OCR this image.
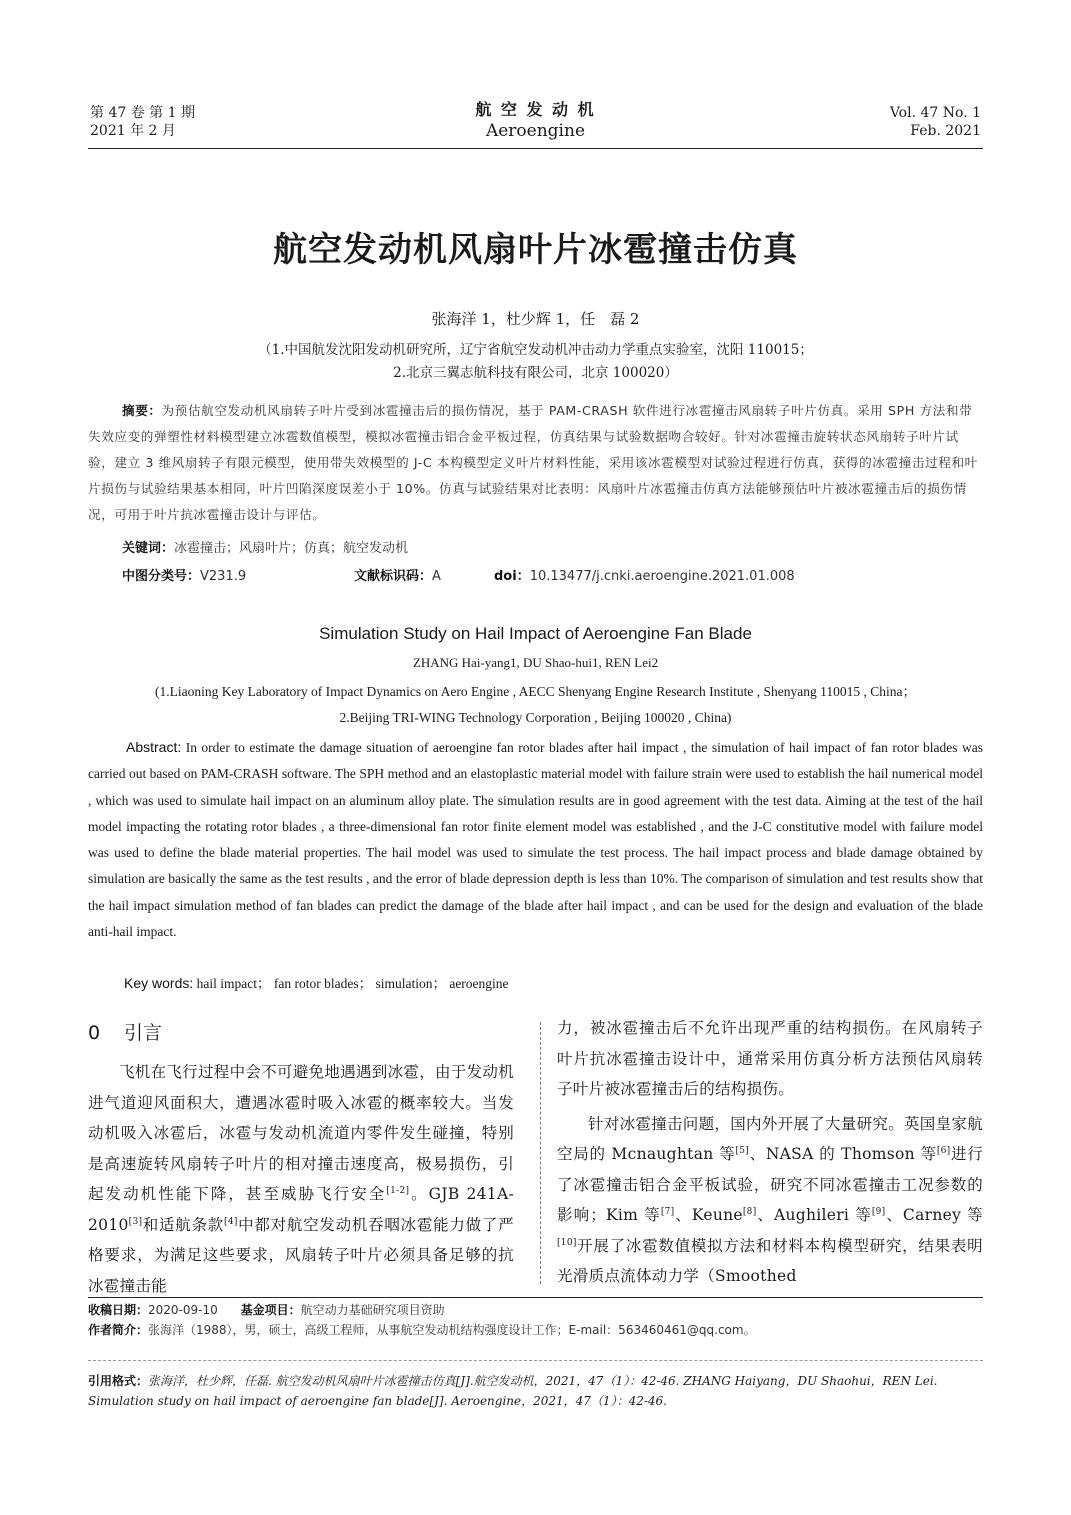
第 47 卷 第 1 期
2021 年 2 月
航 空 发 动 机
Aeroengine
Vol. 47 No. 1
Feb. 2021
航空发动机风扇叶片冰雹撞击仿真
张海洋 1，杜少辉 1，任　磊 2
（1.中国航发沈阳发动机研究所，辽宁省航空发动机冲击动力学重点实验室，沈阳 110015；
2.北京三翼志航科技有限公司，北京 100020）
摘要：为预估航空发动机风扇转子叶片受到冰雹撞击后的损伤情况，基于 PAM-CRASH 软件进行冰雹撞击风扇转子叶片仿真。采用 SPH 方法和带失效应变的弹塑性材料模型建立冰雹数值模型，模拟冰雹撞击铝合金平板过程，仿真结果与试验数据吻合较好。针对冰雹撞击旋转状态风扇转子叶片试验，建立 3 维风扇转子有限元模型，使用带失效模型的 J-C 本构模型定义叶片材料性能，采用该冰雹模型对试验过程进行仿真，获得的冰雹撞击过程和叶片损伤与试验结果基本相同，叶片凹陷深度误差小于 10%。仿真与试验结果对比表明：风扇叶片冰雹撞击仿真方法能够预估叶片被冰雹撞击后的损伤情况，可用于叶片抗冰雹撞击设计与评估。
关键词：冰雹撞击；风扇叶片；仿真；航空发动机
中图分类号：V231.9	文献标识码：A	doi：10.13477/j.cnki.aeroengine.2021.01.008
Simulation Study on Hail Impact of Aeroengine Fan Blade
ZHANG Hai-yang1, DU Shao-hui1, REN Lei2
(1.Liaoning Key Laboratory of Impact Dynamics on Aero Engine , AECC Shenyang Engine Research Institute , Shenyang 110015 , China；
2.Beijing TRI-WING Technology Corporation , Beijing 100020 , China)
Abstract: In order to estimate the damage situation of aeroengine fan rotor blades after hail impact , the simulation of hail impact of fan rotor blades was carried out based on PAM-CRASH software. The SPH method and an elastoplastic material model with failure strain were used to establish the hail numerical model , which was used to simulate hail impact on an aluminum alloy plate. The simulation results are in good agreement with the test data. Aiming at the test of the hail model impacting the rotating rotor blades , a three-dimensional fan rotor finite element model was established , and the J-C constitutive model with failure model was used to define the blade material properties. The hail model was used to simulate the test process. The hail impact process and blade damage obtained by simulation are basically the same as the test results , and the error of blade depression depth is less than 10%. The comparison of simulation and test results show that the hail impact simulation method of fan blades can predict the damage of the blade after hail impact , and can be used for the design and evaluation of the blade anti-hail impact.
Key words: hail impact； fan rotor blades； simulation； aeroengine
0 引言

飞机在飞行过程中会不可避免地遇遇到冰雹，由于发动机进气道迎风面积大，遭遇冰雹时吸入冰雹的概率较大。当发动机吸入冰雹后，冰雹与发动机流道内零件发生碰撞，特别是高速旋转风扇转子叶片的相对撞击速度高，极易损伤，引起发动机性能下降，甚至威胁飞行安全[1-2]。GJB 241A-2010[3]和适航条款[4]中都对航空发动机吞咽冰雹能力做了严格要求，为满足这些要求，风扇转子叶片必须具备足够的抗冰雹撞击能

力，被冰雹撞击后不允许出现严重的结构损伤。在风扇转子叶片抗冰雹撞击设计中，通常采用仿真分析方法预估风扇转子叶片被冰雹撞击后的结构损伤。

针对冰雹撞击问题，国内外开展了大量研究。英国皇家航空局的 Mcnaughtan 等[5]、NASA 的 Thomson 等[6]进行了冰雹撞击铝合金平板试验，研究不同冰雹撞击工况参数的影响；Kim 等[7]、Keune[8]、Aughileri 等[9]、Carney 等[10]开展了冰雹数值模拟方法和材料本构模型研究，结果表明光滑质点流体动力学（Smoothed

收稿日期：2020-09-10 基金项目：航空动力基础研究项目资助
作者简介：张海洋（1988），男，硕士，高级工程师，从事航空发动机结构强度设计工作；E-mail：563460461@qq.com。
引用格式：张海洋，杜少辉，任磊. 航空发动机风扇叶片冰雹撞击仿真[J].航空发动机，2021，47（1）：42-46. ZHANG Haiyang，DU Shaohui，REN Lei. Simulation study on hail impact of aeroengine fan blade[J]. Aeroengine，2021，47（1）：42-46.
